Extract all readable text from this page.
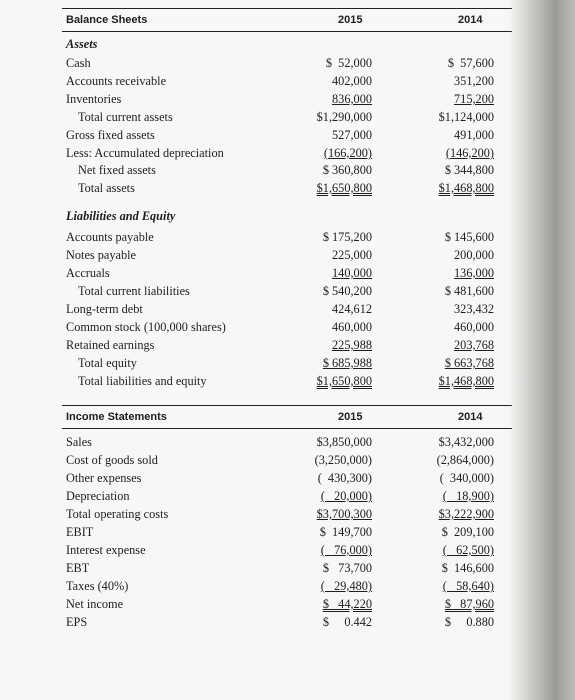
Balance Sheets	2015	2014
Assets
Cash	$  52,000	$  57,600
Accounts receivable	402,000	351,200
Inventories	836,000	715,200
Total current assets	$1,290,000	$1,124,000
Gross fixed assets	527,000	491,000
Less: Accumulated depreciation	(166,200)	(146,200)
Net fixed assets	$ 360,800	$ 344,800
Total assets	$1,650,800	$1,468,800
Liabilities and Equity
Accounts payable	$ 175,200	$ 145,600
Notes payable	225,000	200,000
Accruals	140,000	136,000
Total current liabilities	$ 540,200	$ 481,600
Long-term debt	424,612	323,432
Common stock (100,000 shares)	460,000	460,000
Retained earnings	225,988	203,768
Total equity	$ 685,988	$ 663,768
Total liabilities and equity	$1,650,800	$1,468,800
Income Statements	2015	2014
Sales	$3,850,000	$3,432,000
Cost of goods sold	(3,250,000)	(2,864,000)
Other expenses	(  430,300)	(  340,000)
Depreciation	(   20,000)	(   18,900)
Total operating costs	$3,700,300	$3,222,900
EBIT	$  149,700	$  209,100
Interest expense	(   76,000)	(   62,500)
EBT	$   73,700	$  146,600
Taxes (40%)	(   29,480)	(   58,640)
Net income	$   44,220	$   87,960
EPS	$     0.442	$     0.880
